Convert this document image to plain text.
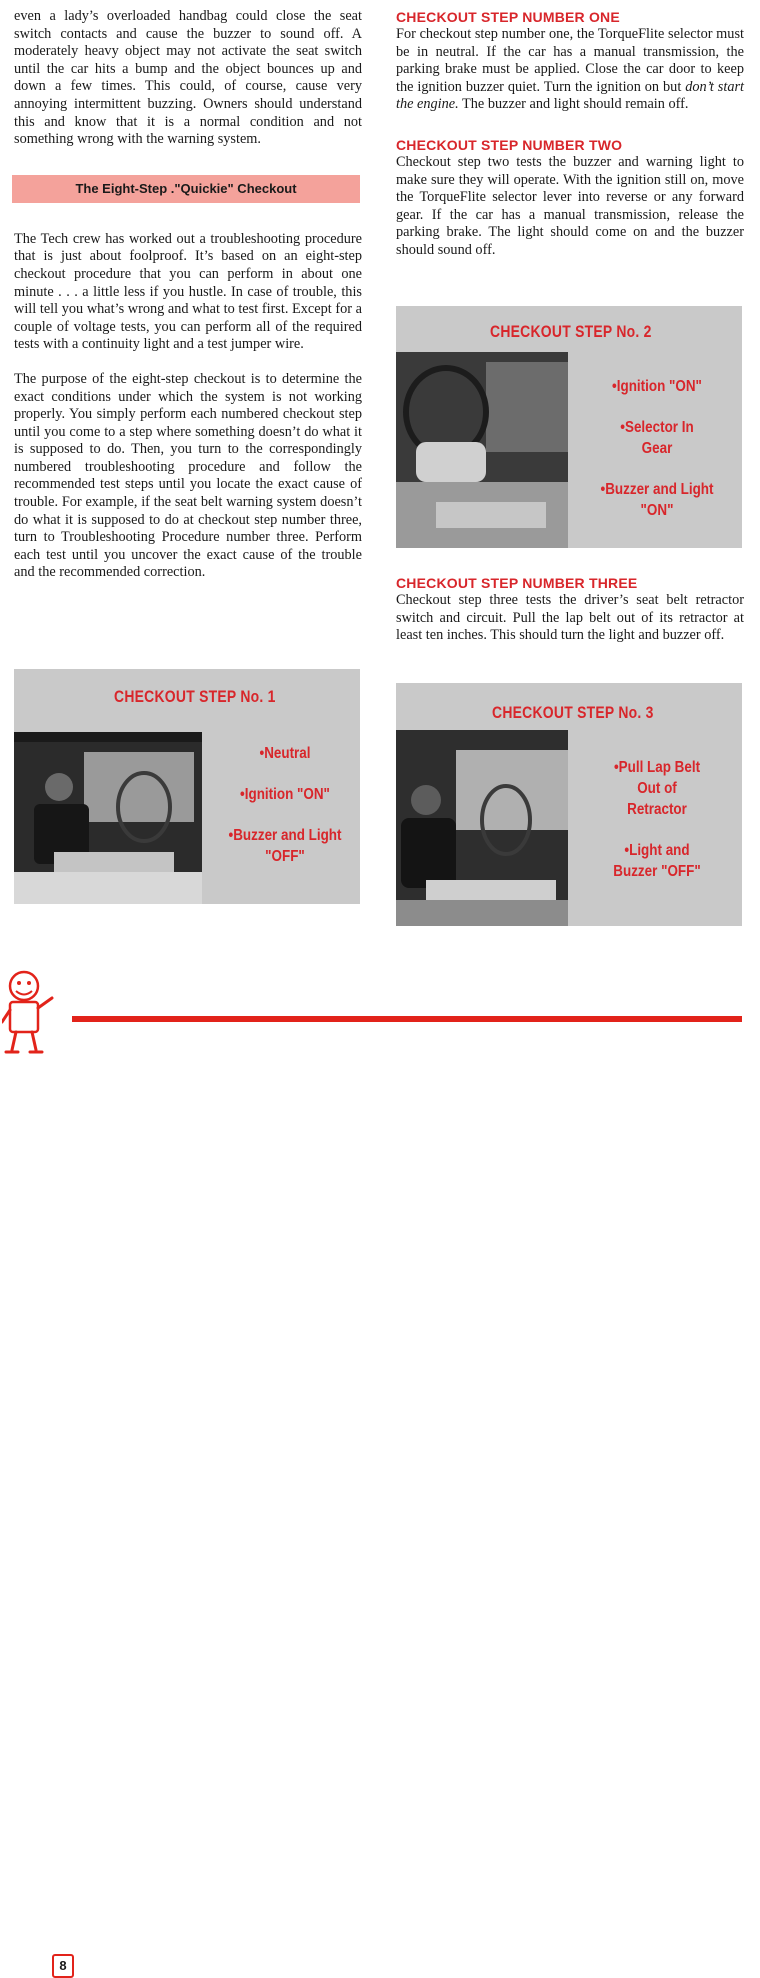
even a lady’s overloaded handbag could close the seat switch contacts and cause the buzzer to sound off. A moderately heavy object may not activate the seat switch until the car hits a bump and the object bounces up and down a few times. This could, of course, cause very annoying intermittent buzzing. Owners should understand this and know that it is a normal condition and not something wrong with the warning system.

The Eight-Step ."Quickie" Checkout

The Tech crew has worked out a troubleshooting procedure that is just about foolproof. It’s based on an eight-step checkout procedure that you can perform in about one minute . . . a little less if you hustle. In case of trouble, this will tell you what’s wrong and what to test first. Except for a couple of voltage tests, you can perform all of the required tests with a continuity light and a test jumper wire.

The purpose of the eight-step checkout is to determine the exact conditions under which the system is not working properly. You simply perform each numbered checkout step until you come to a step where something doesn’t do what it is supposed to do. Then, you turn to the correspondingly numbered troubleshooting procedure and follow the recommended test steps until you locate the exact cause of trouble. For example, if the seat belt warning system doesn’t do what it is supposed to do at checkout step number three, turn to Troubleshooting Procedure number three. Perform each test until you uncover the exact cause of the trouble and the recommended correction.

CHECKOUT STEP NUMBER ONE

For checkout step number one, the TorqueFlite selector must be in neutral. If the car has a manual transmission, the parking brake must be applied. Close the car door to keep the ignition buzzer quiet. Turn the ignition on but don’t start the engine. The buzzer and light should remain off.

CHECKOUT STEP NUMBER TWO

Checkout step two tests the buzzer and warning light to make sure they will operate. With the ignition still on, move the TorqueFlite selector lever into reverse or any forward gear. If the car has a manual transmission, release the parking brake. The light should come on and the buzzer should sound off.

CHECKOUT STEP NUMBER THREE

Checkout step three tests the driver’s seat belt retractor switch and circuit. Pull the lap belt out of its retractor at least ten inches. This should turn the light and buzzer off.

CHECKOUT STEP No. 1
•Neutral
•Ignition "ON"
•Buzzer and Light
"OFF"
CHECKOUT STEP No. 2
•Ignition "ON"
•Selector In
Gear
•Buzzer and Light
"ON"
CHECKOUT STEP No. 3
•Pull Lap Belt
Out of
Retractor
•Light and
Buzzer "OFF"
8
